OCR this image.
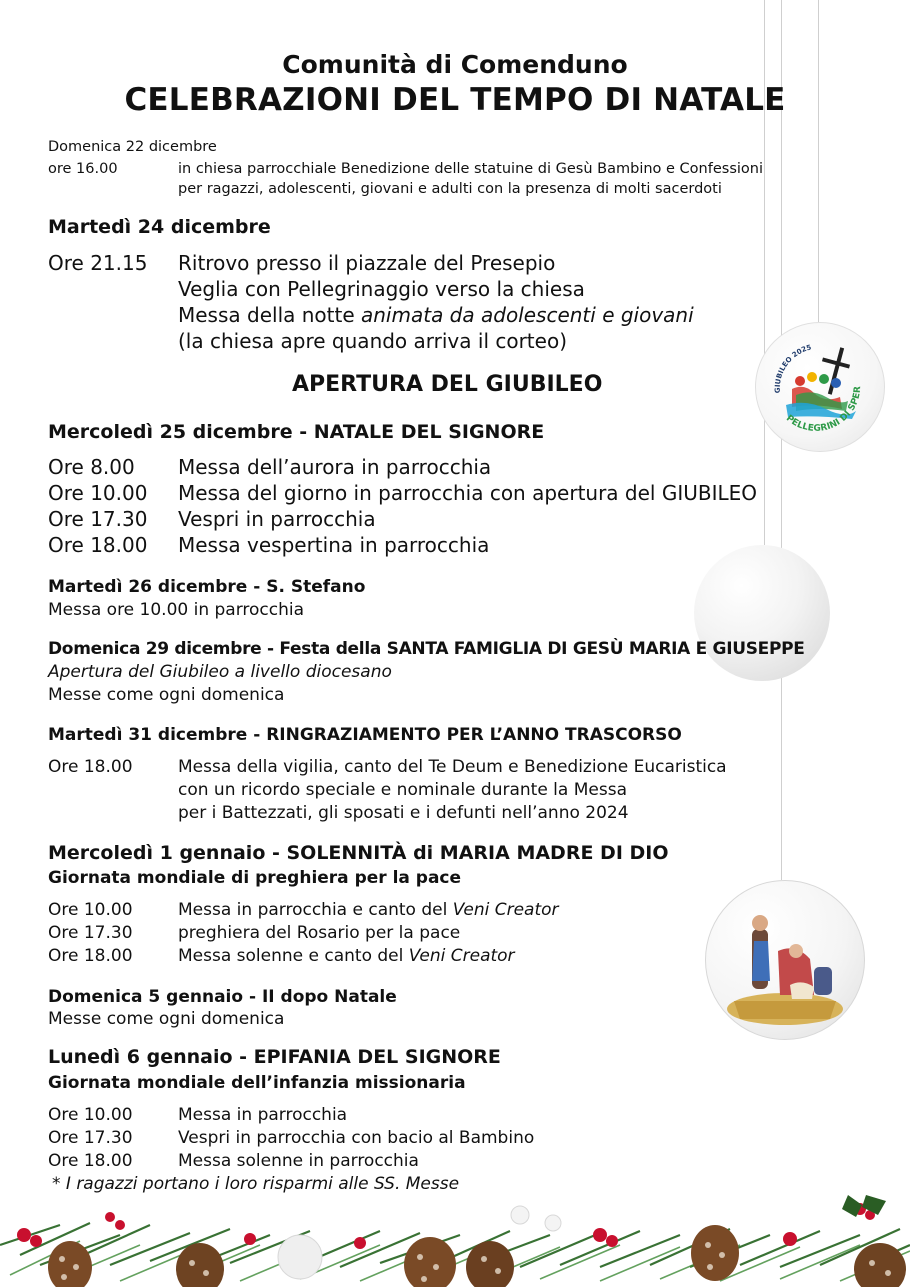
GIUBILEO 2025
PELLEGRINI DI SPER
Comunità di Comenduno
CELEBRAZIONI DEL TEMPO DI NATALE
Domenica 22 dicembre
ore 16.00	in chiesa parrocchiale Benedizione delle statuine di Gesù Bambino e Confessioni
per ragazzi, adolescenti, giovani e adulti con la presenza di molti sacerdoti
Martedì 24 dicembre
Ore 21.15 Ritrovo presso il piazzale del Presepio
Veglia con Pellegrinaggio verso la chiesa
Messa della notte animata da adolescenti e giovani
(la chiesa apre quando arriva il corteo)
APERTURA DEL GIUBILEO
Mercoledì 25 dicembre - NATALE DEL SIGNORE
Ore 8.00 Messa dell’aurora in parrocchia
Ore 10.00 Messa del giorno in parrocchia con apertura del GIUBILEO
Ore 17.30 Vespri in parrocchia
Ore 18.00 Messa vespertina in parrocchia
Martedì 26 dicembre - S. Stefano
Messa ore 10.00 in parrocchia
Domenica 29 dicembre - Festa della SANTA FAMIGLIA DI GESÙ MARIA E GIUSEPPE
Apertura del Giubileo a livello diocesano
Messe come ogni domenica
Martedì 31 dicembre - RINGRAZIAMENTO PER L’ANNO TRASCORSO
Ore 18.00	Messa della vigilia, canto del Te Deum e Benedizione Eucaristica
con un ricordo speciale e nominale durante la Messa
per i Battezzati, gli sposati e i defunti nell’anno 2024
Mercoledì 1 gennaio - SOLENNITÀ di MARIA MADRE DI DIO
Giornata mondiale di preghiera per la pace
Ore 10.00	Messa in parrocchia e canto del Veni Creator
Ore 17.30	preghiera del Rosario per la pace
Ore 18.00	Messa solenne e canto del Veni Creator
Domenica 5 gennaio - II dopo Natale
Messe come ogni domenica
Lunedì 6 gennaio - EPIFANIA DEL SIGNORE
Giornata mondiale dell’infanzia missionaria
Ore 10.00	Messa in parrocchia
Ore 17.30	Vespri in parrocchia con bacio al Bambino
Ore 18.00	Messa solenne in parrocchia
* I ragazzi portano i loro risparmi alle SS. Messe
